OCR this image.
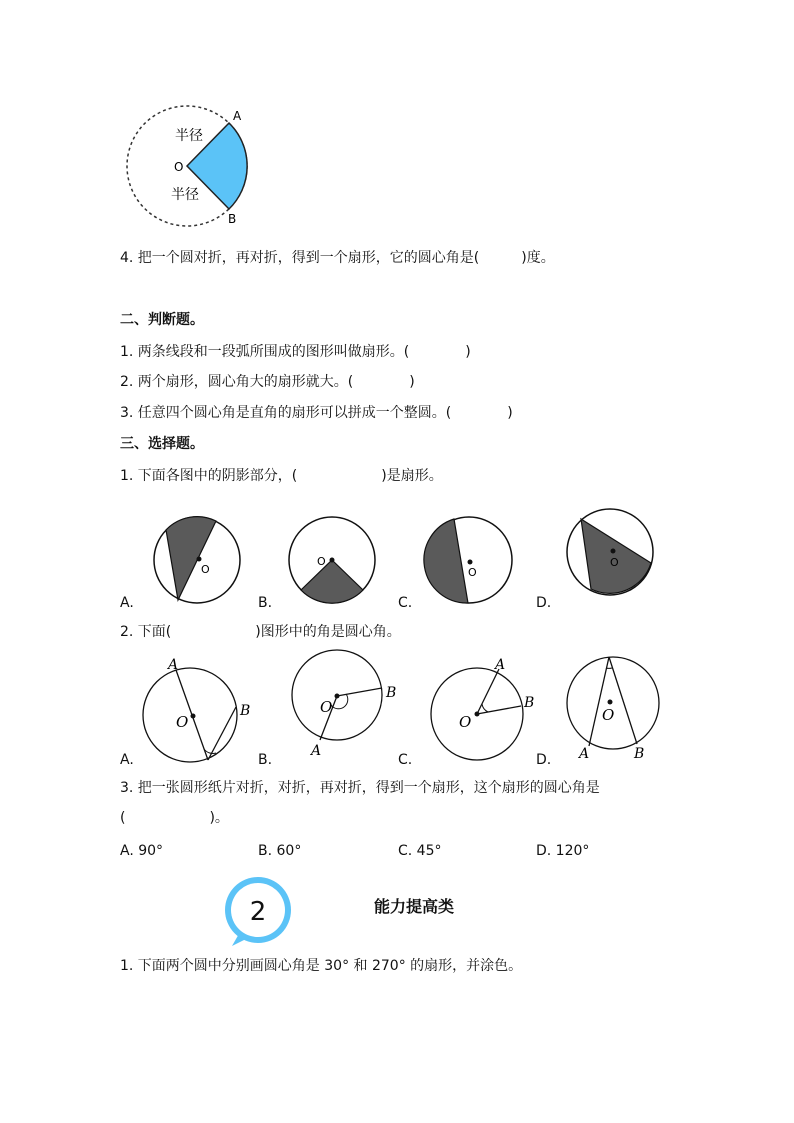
A
B
O
半径
半径
4. 把一个圆对折，再对折，得到一个扇形，它的圆心角是(　　　)度。
二、判断题。
1. 两条线段和一段弧所围成的图形叫做扇形。(　　　　)
2. 两个扇形，圆心角大的扇形就大。(　　　　)
3. 任意四个圆心角是直角的扇形可以拼成一个整圆。(　　　　)
三、选择题。
1. 下面各图中的阴影部分，(　　　　　　)是扇形。
O
O
O
O
A.	B.	C.	D.
2. 下面(　　　　　　)图形中的角是圆心角。
A
B
O
A
B
O
A
B
O
A	B
O
A.	B.	C.	D.
3. 把一张圆形纸片对折，对折，再对折，得到一个扇形，这个扇形的圆心角是
(　　　　　　)。
A. 90°	B. 60°	C. 45°	D. 120°
2	能力提高类
1. 下面两个圆中分别画圆心角是 30° 和 270° 的扇形，并涂色。
